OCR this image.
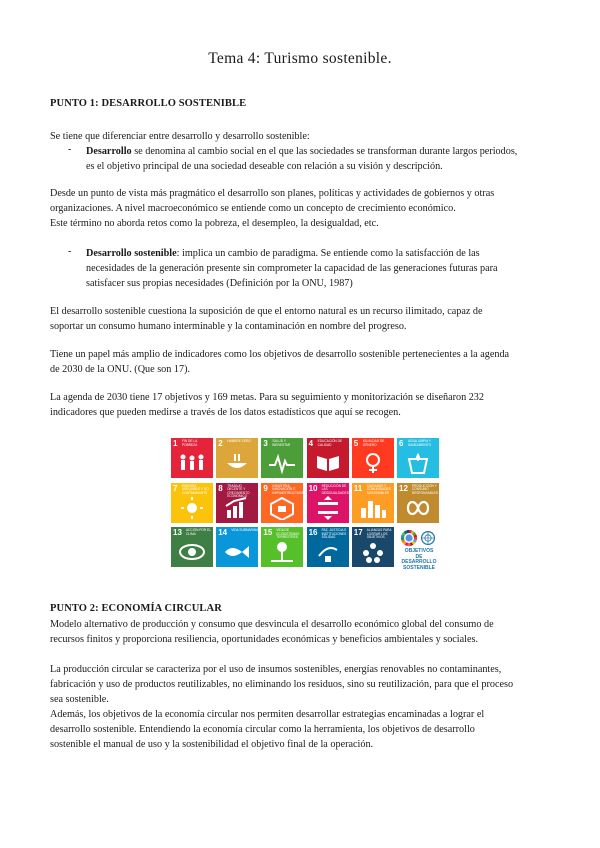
Tema 4: Turismo sostenible.
PUNTO 1: DESARROLLO SOSTENIBLE
Se tiene que diferenciar entre desarrollo y desarrollo sostenible:
- Desarrollo se denomina al cambio social en el que las sociedades se transforman durante largos periodos,
es el objetivo principal de una sociedad deseable con relación a su visión y descripción.
Desde un punto de vista más pragmático el desarrollo son planes, políticas y actividades de gobiernos y otras
organizaciones. A nivel macroeconómico se entiende como un concepto de crecimiento económico.
Este término no aborda retos como la pobreza, el desempleo, la desigualdad, etc.
- Desarrollo sostenible: implica un cambio de paradigma. Se entiende como la satisfacción de las
necesidades de la generación presente sin comprometer la capacidad de las generaciones futuras para
satisfacer sus propias necesidades (Definición por la ONU, 1987)
El desarrollo sostenible cuestiona la suposición de que el entorno natural es un recurso ilimitado, capaz de
soportar un consumo humano interminable y la contaminación en nombre del progreso.
Tiene un papel más amplio de indicadores como los objetivos de desarrollo sostenible pertenecientes a la agenda
de 2030 de la ONU. (Que son 17).
La agenda de 2030 tiene 17 objetivos y 169 metas. Para su seguimiento y monitorización se diseñaron 232
indicadores que pueden medirse a través de los datos estadísticos que aquí se recogen.
1 FIN DE LA POBREZA	2 HAMBRE CERO	3 SALUD Y BIENESTAR	4 EDUCACIÓN DE CALIDAD	5 IGUALDAD DE GÉNERO	6 AGUA LIMPIA Y SANEAMIENTO
7 ENERGÍA ASEQUIBLE Y NO CONTAMINANTE
8 TRABAJO DECENTE Y CRECIMIENTO ECONÓMICO
9 INDUSTRIA, INNOVACIÓN E INFRAESTRUCTURA
10 REDUCCIÓN DE LAS DESIGUALDADES
11 CIUDADES Y COMUNIDADES SOSTENIBLES
12 PRODUCCIÓN Y CONSUMO RESPONSABLES
13 ACCIÓN POR EL CLIMA	14 VIDA SUBMARINA 15 VIDA DE ECOSISTEMAS TERRESTRES
16 PAZ, JUSTICIA E INSTITUCIONES SÓLIDAS
17 ALIANZAS PARA LOGRAR LOS OBJETIVOS
OBJETIVOS
DE DESARROLLO
SOSTENIBLE
PUNTO 2: ECONOMÍA CIRCULAR
Modelo alternativo de producción y consumo que desvincula el desarrollo económico global del consumo de
recursos finitos y proporciona resiliencia, oportunidades económicas y beneficios ambientales y sociales.
La producción circular se caracteriza por el uso de insumos sostenibles, energías renovables no contaminantes,
fabricación y uso de productos reutilizables, no eliminando los residuos, sino su reutilización, para que el proceso
sea sostenible.
Además, los objetivos de la economía circular nos permiten desarrollar estrategias encaminadas a lograr el
desarrollo sostenible. Entendiendo la economía circular como la herramienta, los objetivos de desarrollo
sostenible el manual de uso y la sostenibilidad el objetivo final de la operación.
